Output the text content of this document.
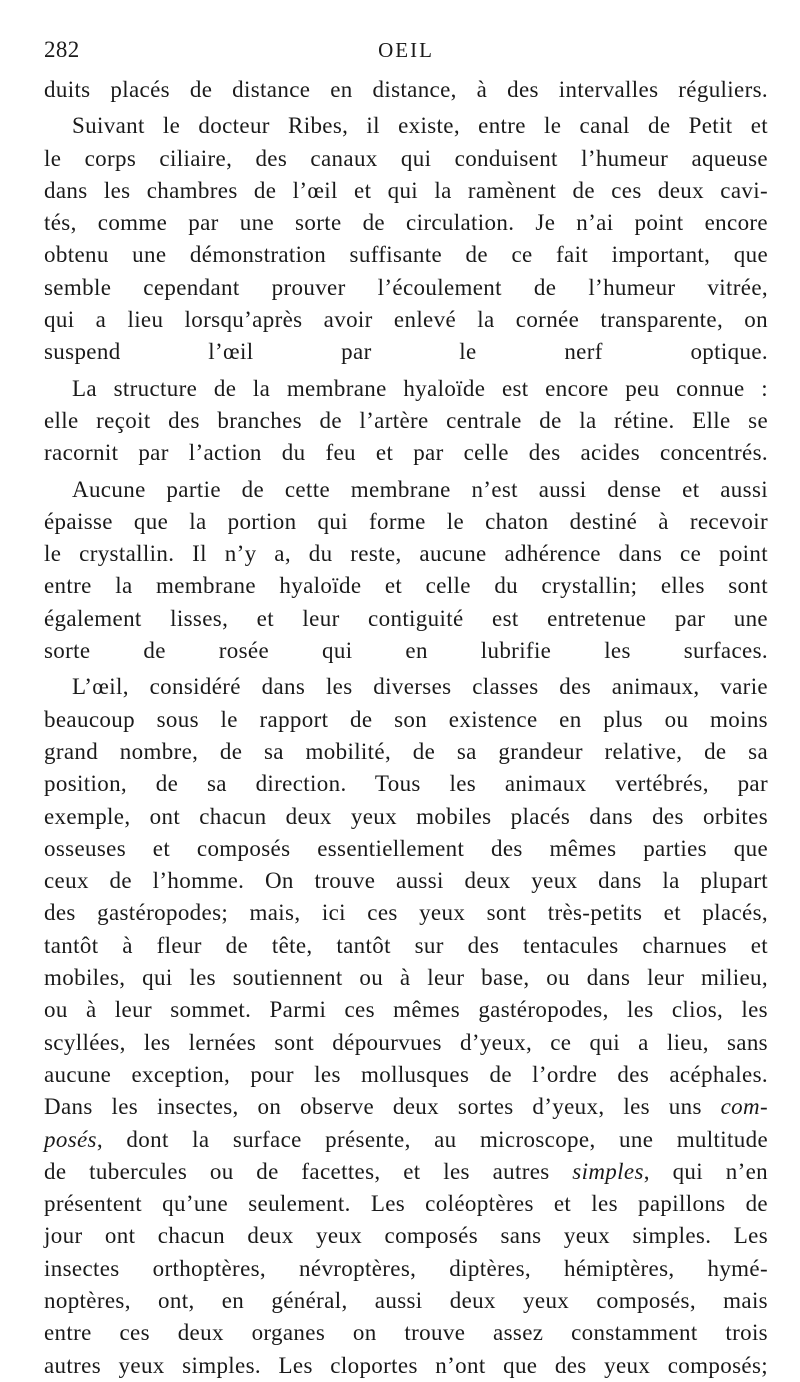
282	OEIL
duits placés de distance en distance, à des intervalles réguliers.
Suivant le docteur Ribes, il existe, entre le canal de Petit et
le corps ciliaire, des canaux qui conduisent l’humeur aqueuse
dans les chambres de l’œil et qui la ramènent de ces deux cavi-
tés, comme par une sorte de circulation. Je n’ai point encore
obtenu une démonstration suffisante de ce fait important, que
semble cependant prouver l’écoulement de l’humeur vitrée,
qui a lieu lorsqu’après avoir enlevé la cornée transparente, on
suspend l’œil par le nerf optique.
La structure de la membrane hyaloïde est encore peu connue :
elle reçoit des branches de l’artère centrale de la rétine. Elle se
racornit par l’action du feu et par celle des acides concentrés.
Aucune partie de cette membrane n’est aussi dense et aussi
épaisse que la portion qui forme le chaton destiné à recevoir
le crystallin. Il n’y a, du reste, aucune adhérence dans ce point
entre la membrane hyaloïde et celle du crystallin; elles sont
également lisses, et leur contiguité est entretenue par une
sorte de rosée qui en lubrifie les surfaces.
L’œil, considéré dans les diverses classes des animaux, varie
beaucoup sous le rapport de son existence en plus ou moins
grand nombre, de sa mobilité, de sa grandeur relative, de sa
position, de sa direction. Tous les animaux vertébrés, par
exemple, ont chacun deux yeux mobiles placés dans des orbites
osseuses et composés essentiellement des mêmes parties que
ceux de l’homme. On trouve aussi deux yeux dans la plupart
des gastéropodes; mais, ici ces yeux sont très-petits et placés,
tantôt à fleur de tête, tantôt sur des tentacules charnues et
mobiles, qui les soutiennent ou à leur base, ou dans leur milieu,
ou à leur sommet. Parmi ces mêmes gastéropodes, les clios, les
scyllées, les lernées sont dépourvues d’yeux, ce qui a lieu, sans
aucune exception, pour les mollusques de l’ordre des acéphales.
Dans les insectes, on observe deux sortes d’yeux, les uns com-
posés, dont la surface présente, au microscope, une multitude
de tubercules ou de facettes, et les autres simples, qui n’en
présentent qu’une seulement. Les coléoptères et les papillons de
jour ont chacun deux yeux composés sans yeux simples. Les
insectes orthoptères, névroptères, diptères, hémiptères, hymé-
noptères, ont, en général, aussi deux yeux composés, mais
entre ces deux organes on trouve assez constamment trois
autres yeux simples. Les cloportes n’ont que des yeux composés;
